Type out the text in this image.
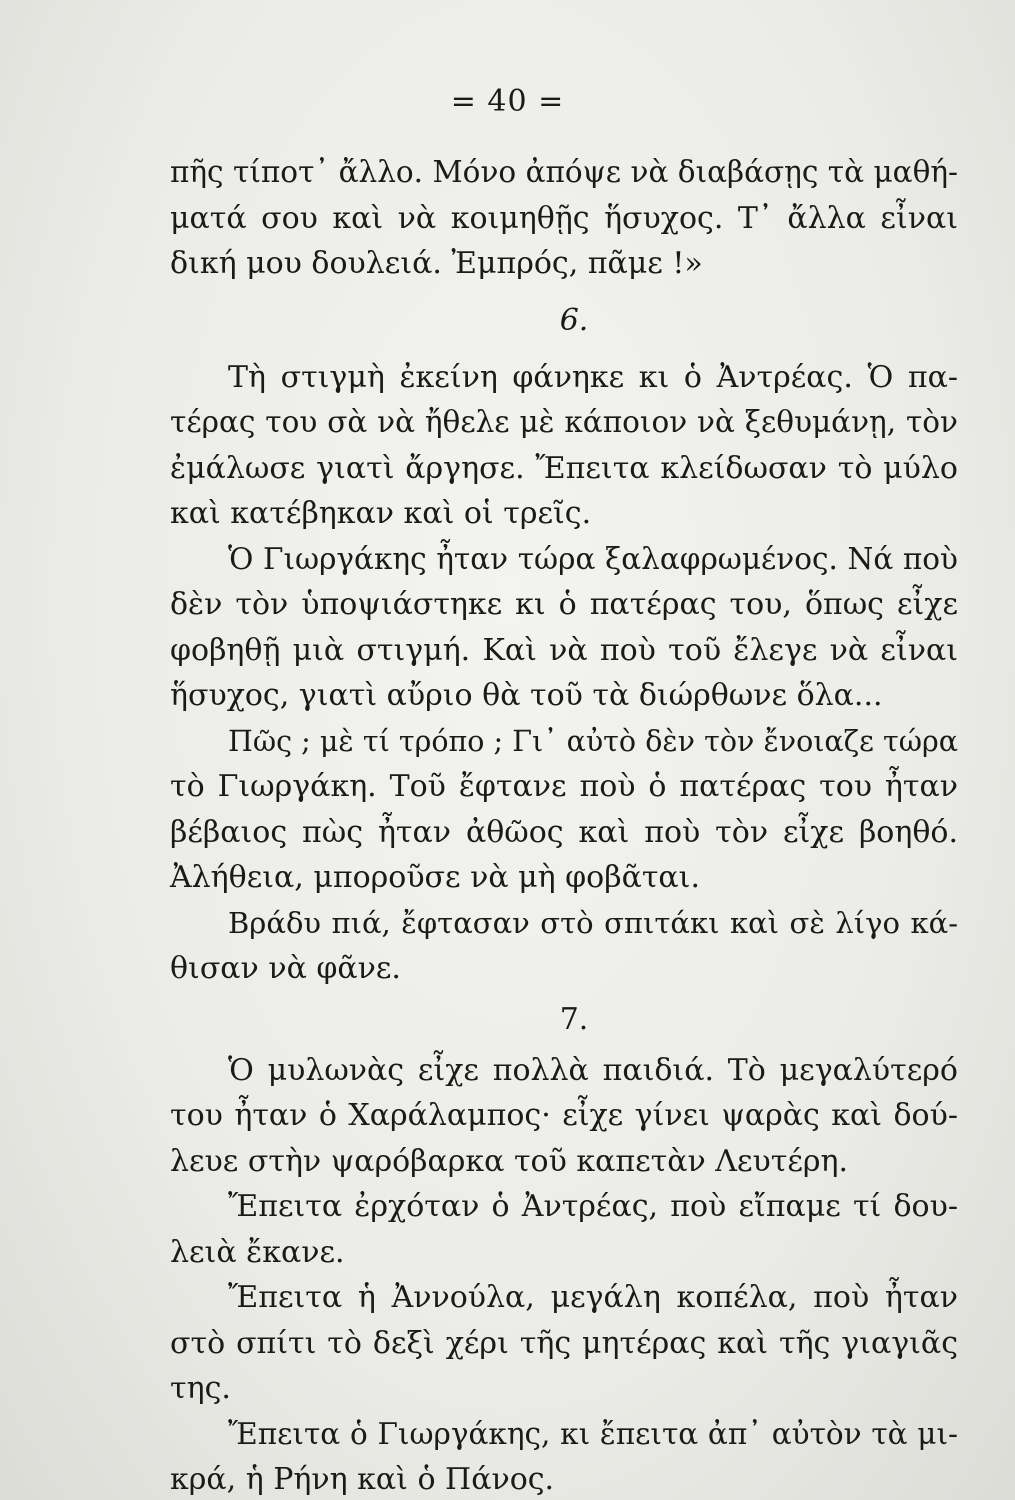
= 40 =
πῆς τίποτ᾽ ἄλλο. Μόνο ἀπόψε νὰ διαβάσῃς τὰ μαθή-
ματά σου καὶ νὰ κοιμηθῇς ἥσυχος. Τ᾽ ἄλλα εἶναι
δική μου δουλειά. Ἐμπρός, πᾶμε !»
6.
Τὴ στιγμὴ ἐκείνη φάνηκε κι ὁ Ἀντρέας. Ὁ πα-
τέρας του σὰ νὰ ἤθελε μὲ κάποιον νὰ ξεθυμάνῃ, τὸν
ἐμάλωσε γιατὶ ἄργησε. Ἔπειτα κλείδωσαν τὸ μύλο
καὶ κατέβηκαν καὶ οἱ τρεῖς.
Ὁ Γιωργάκης ἦταν τώρα ξαλαφρωμένος. Νά ποὺ
δὲν τὸν ὑποψιάστηκε κι ὁ πατέρας του, ὅπως εἶχε
φοβηθῇ μιὰ στιγμή. Καὶ νὰ ποὺ τοῦ ἔλεγε νὰ εἶναι
ἥσυχος, γιατὶ αὔριο θὰ τοῦ τὰ διώρθωνε ὅλα...
Πῶς ; μὲ τί τρόπο ; Γι᾽ αὐτὸ δὲν τὸν ἔνοιαζε τώρα
τὸ Γιωργάκη. Τοῦ ἔφτανε ποὺ ὁ πατέρας του ἦταν
βέβαιος πὼς ἦταν ἀθῶος καὶ ποὺ τὸν εἶχε βοηθό.
Ἀλήθεια, μποροῦσε νὰ μὴ φοβᾶται.
Βράδυ πιά, ἔφτασαν στὸ σπιτάκι καὶ σὲ λίγο κά-
θισαν νὰ φᾶνε.
7.
Ὁ μυλωνὰς εἶχε πολλὰ παιδιά. Τὸ μεγαλύτερό
του ἦταν ὁ Χαράλαμπος· εἶχε γίνει ψαρὰς καὶ δού-
λευε στὴν ψαρόβαρκα τοῦ καπετὰν Λευτέρη.
Ἔπειτα ἐρχόταν ὁ Ἀντρέας, ποὺ εἴπαμε τί δου-
λειὰ ἔκανε.
Ἔπειτα ἡ Ἀννούλα, μεγάλη κοπέλα, ποὺ ἦταν
στὸ σπίτι τὸ δεξὶ χέρι τῆς μητέρας καὶ τῆς γιαγιᾶς
της.
Ἔπειτα ὁ Γιωργάκης, κι ἔπειτα ἀπ᾽ αὐτὸν τὰ μι-
κρά, ἡ Ρήνη καὶ ὁ Πάνος.
